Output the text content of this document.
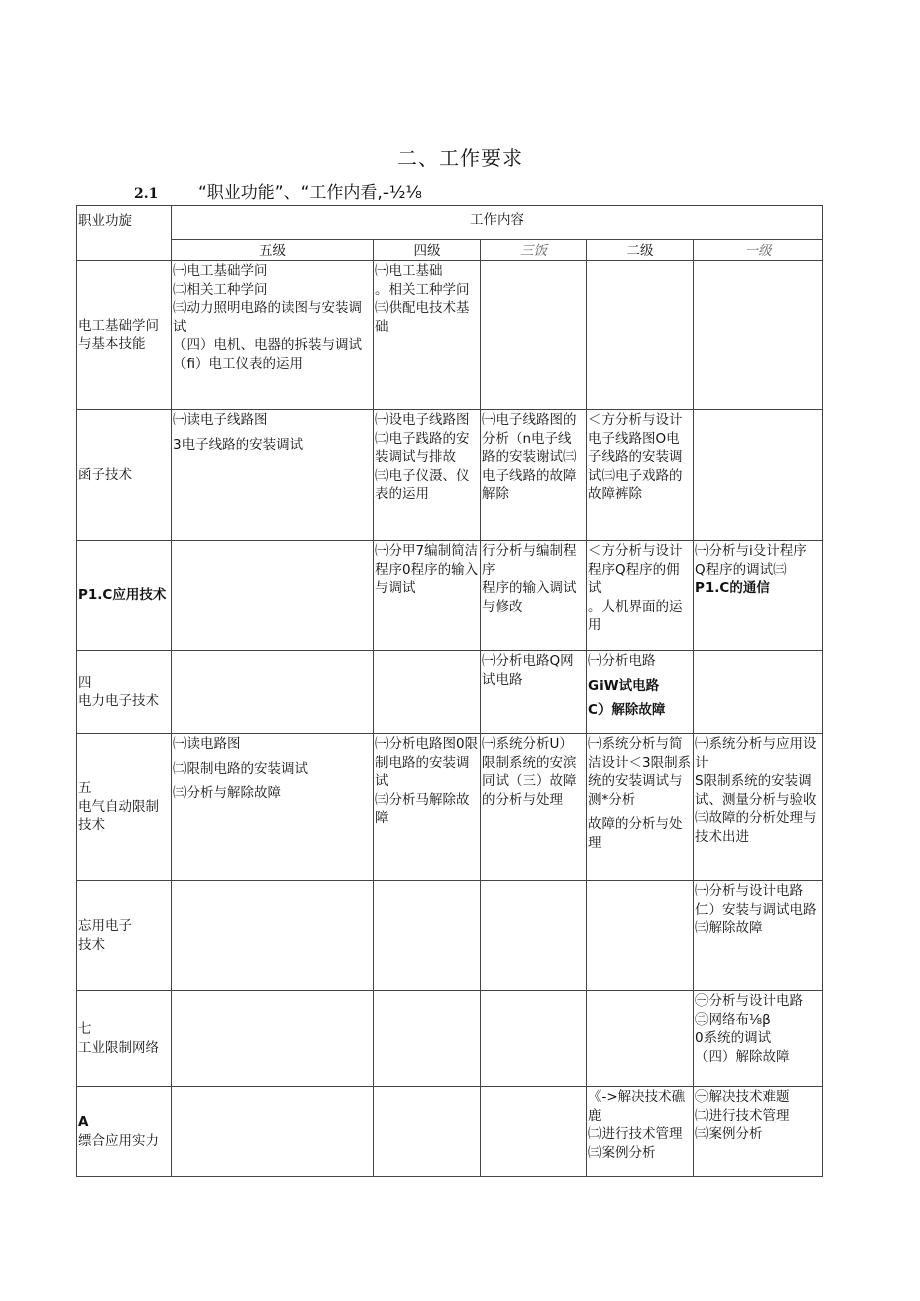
二、工作要求
2.1 “职业功能”、“工作内看,-½⅛
职业功旋	工作内容				
	五级	四级	三饭	二级	一级

电工基础学问
与基本技能	㈠电工基础学问
㈡相关工种学问
㈢动力照明电路的读图与安装调试
（四）电机、电器的拆装与调试
（fi）电工仪表的运用	㈠电工基础
。相关工种学问
㈢供配电技术基础			

函子技术	㈠读电子线路图
3电子线路的安装调试	㈠设电子线路图
㈡电子践路的安装调试与排故
㈢电子仪滠、仪表的运用	㈠电子线路图的分析（n电子线路的安装谢试㈢电子线路的故障解除	＜方分析与设计电子线路图O电子线路的安装调试㈢电子戏路的故障裤除	

P1.C应用技术		㈠分甲7编制简洁程序0程序的输入与调试	行分析与编制程序
程序的输入调试与修改	＜方分析与设计程序Q程序的佣试
。人机界面的运用	㈠分析与i殳计程序
Q程序的调试㈢
P1.C的通信

四
电力电子技术			㈠分析电路Q网试电路	㈠分析电路
GiW试电路
C）解除故障	

五
电气自动限制技术	㈠读电路图
㈡限制电路的安装调试
㈢分析与解除故障	㈠分析电路图0限制电路的安装调试
㈢分析马解除故障	㈠系统分析U）限制系统的安滨同试（三）故障的分析与处理	㈠系统分析与简洁设计＜3限制系统的安装调试与测*分析
故障的分析与处理	㈠系统分析与应用设计
S限制系统的安装调试、测量分析与验收㈢故障的分析处理与技术出进

忘用电子
技术					㈠分析与设计电路
仁）安装与调试电路
㈢解除故障

七
工业限制网络					㊀分析与设计电路
㊁网络布⅛β
0系统的调试
（四）解除故障

A
缥合应用实力				《->解决技术礁鹿
㈡进行技术管理
㈢案例分析	㊀解决技术难题
㈡进行技术管理
㈢案例分析
